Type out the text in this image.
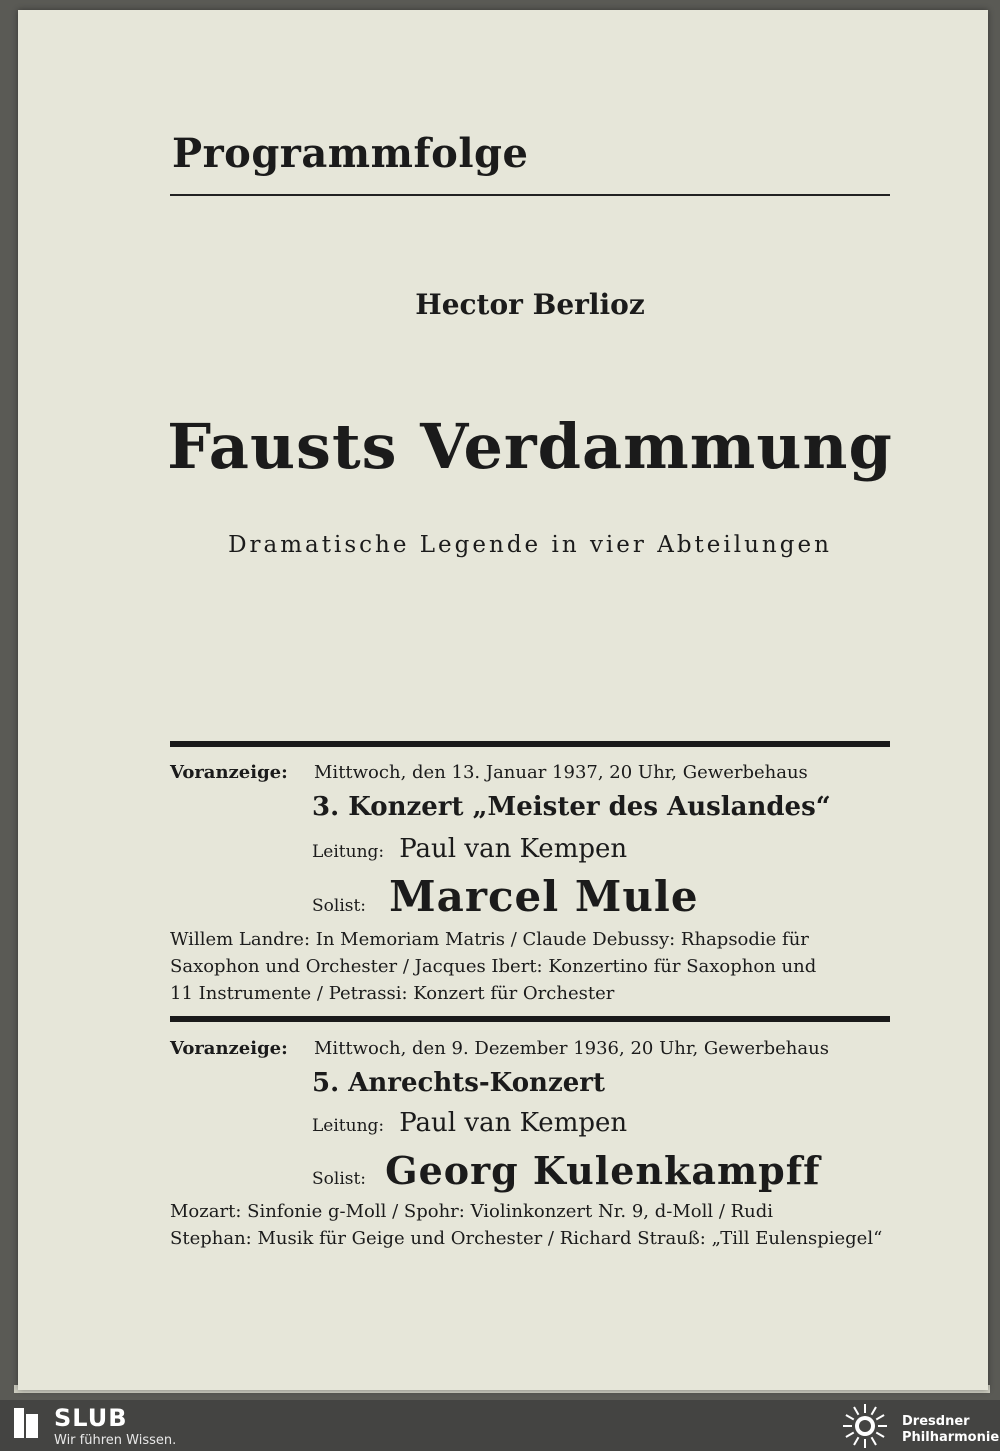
Programmfolge
Hector Berlioz
Fausts Verdammung
Dramatische Legende in vier Abteilungen
Voranzeige: Mittwoch, den 13. Januar 1937, 20 Uhr, Gewerbehaus
3. Konzert „Meister des Auslandes“
Leitung: Paul van Kempen
Solist: Marcel Mule
Willem Landre: In Memoriam Matris / Claude Debussy: Rhapsodie für
Saxophon und Orchester / Jacques Ibert: Konzertino für Saxophon und
11 Instrumente / Petrassi: Konzert für Orchester
Voranzeige: Mittwoch, den 9. Dezember 1936, 20 Uhr, Gewerbehaus
5. Anrechts-Konzert
Leitung: Paul van Kempen
Solist: Georg Kulenkampff
Mozart: Sinfonie g-Moll / Spohr: Violinkonzert Nr. 9, d-Moll / Rudi
Stephan: Musik für Geige und Orchester / Richard Strauß: „Till Eulenspiegel“
SLUB
Wir führen Wissen.
Dresdner
Philharmonie
